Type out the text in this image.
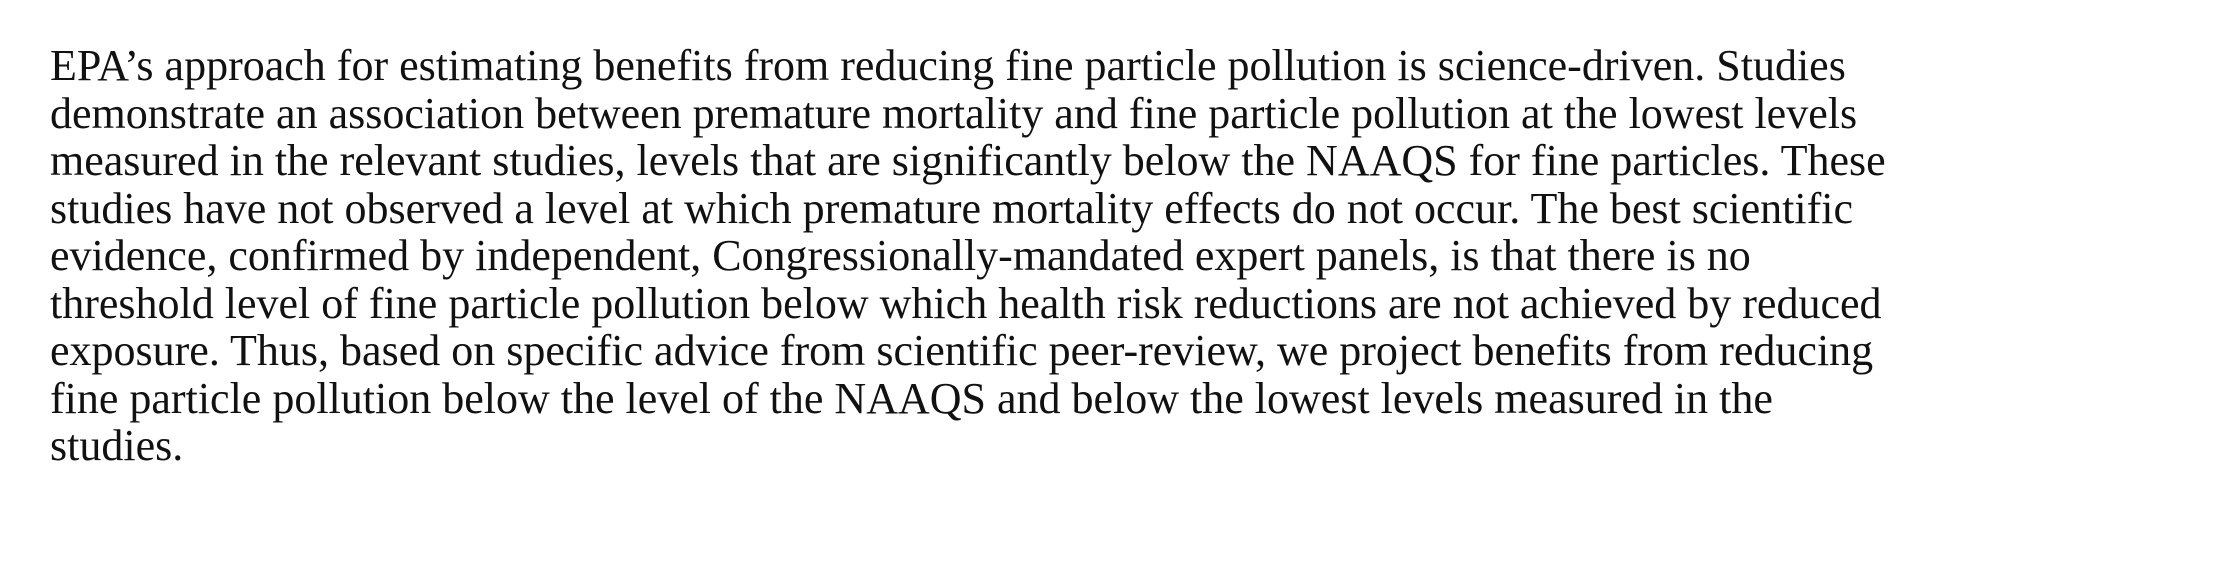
EPA’s approach for estimating benefits from reducing fine particle pollution is science-driven. Studies
demonstrate an association between premature mortality and fine particle pollution at the lowest levels
measured in the relevant studies, levels that are significantly below the NAAQS for fine particles. These
studies have not observed a level at which premature mortality effects do not occur. The best scientific
evidence, confirmed by independent, Congressionally-mandated expert panels, is that there is no
threshold level of fine particle pollution below which health risk reductions are not achieved by reduced
exposure. Thus, based on specific advice from scientific peer-review, we project benefits from reducing
fine particle pollution below the level of the NAAQS and below the lowest levels measured in the
studies.
